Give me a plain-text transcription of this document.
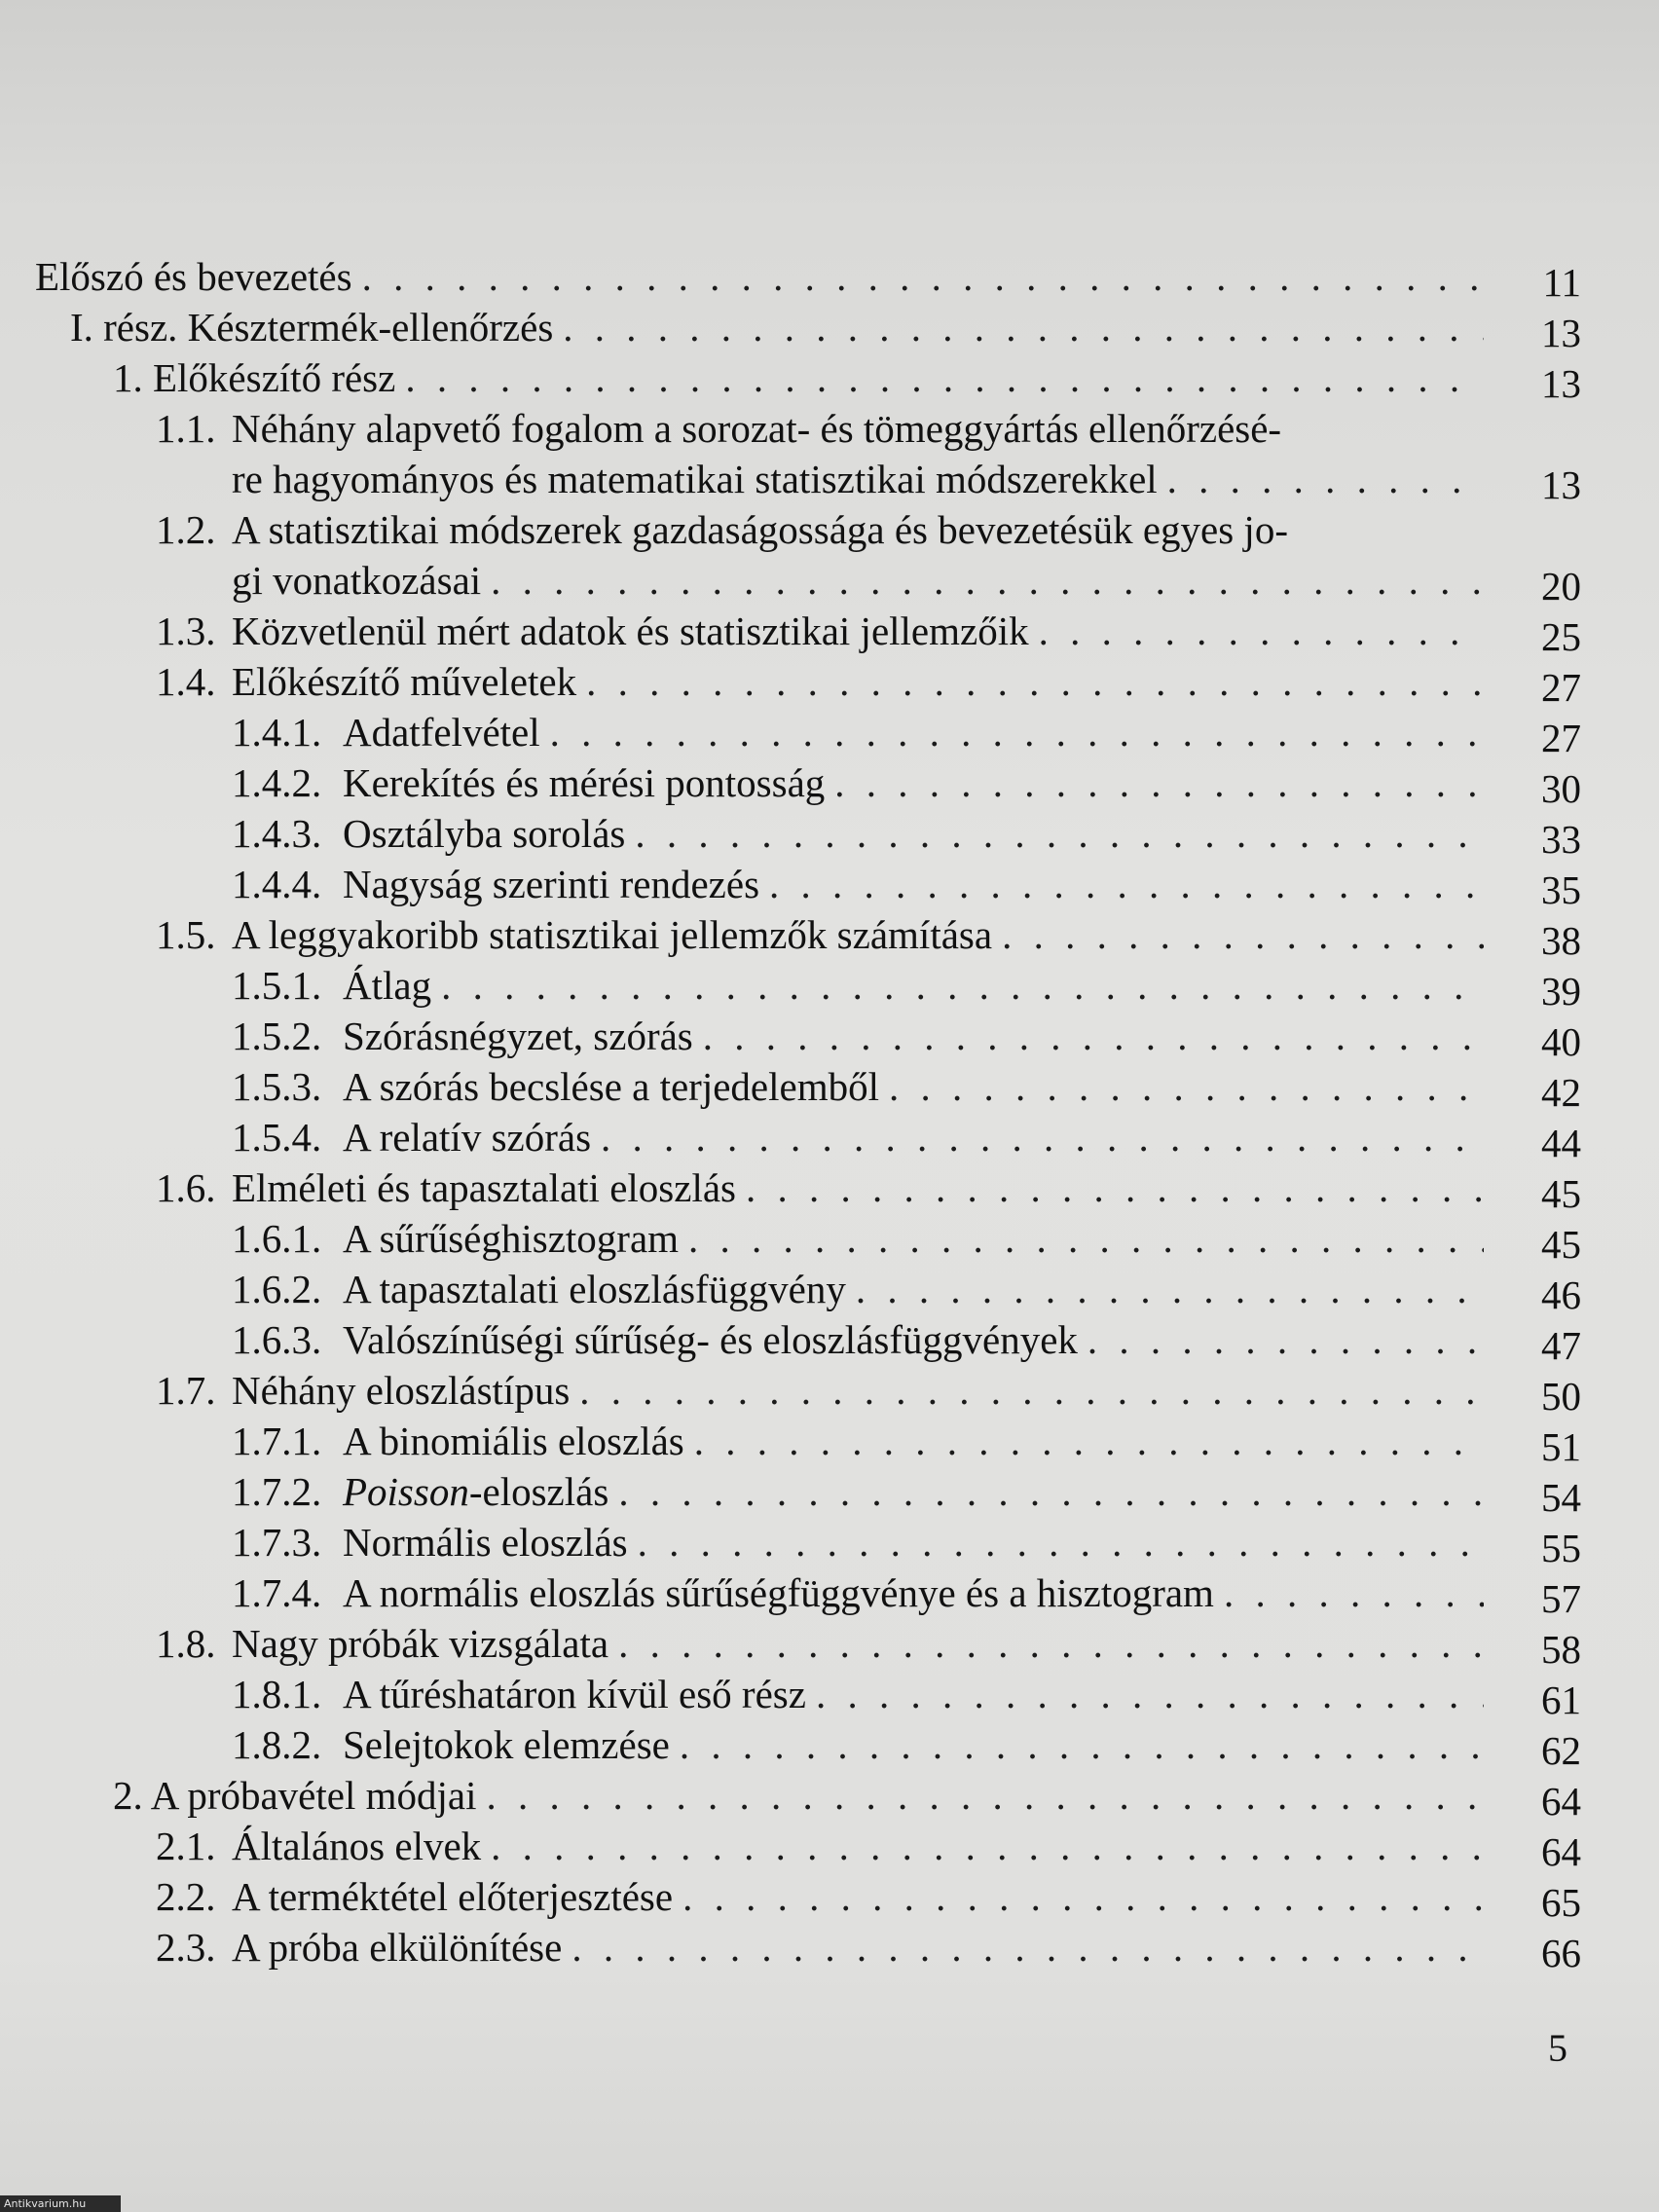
Előszó és bevezetés . . .	11
I. rész. Késztermék-ellenőrzés . . .	13
1. Előkészítő rész . . .	13
1.1. Néhány alapvető fogalom a sorozat- és tömeggyártás ellenőrzésé-
re hagyományos és matematikai statisztikai módszerekkel . . .	13
1.2. A statisztikai módszerek gazdaságossága és bevezetésük egyes jo-
gi vonatkozásai . . .	20
1.3. Közvetlenül mért adatok és statisztikai jellemzőik . . .	25
1.4. Előkészítő műveletek . . .	27
1.4.1. Adatfelvétel . . .	27
1.4.2. Kerekítés és mérési pontosság . . .	30
1.4.3. Osztályba sorolás . . .	33
1.4.4. Nagyság szerinti rendezés . . .	35
1.5. A leggyakoribb statisztikai jellemzők számítása . . .	38
1.5.1. Átlag . . .	39
1.5.2. Szórásnégyzet, szórás . . .	40
1.5.3. A szórás becslése a terjedelemből . . .	42
1.5.4. A relatív szórás . . .	44
1.6. Elméleti és tapasztalati eloszlás . . .	45
1.6.1. A sűrűséghisztogram . . .	45
1.6.2. A tapasztalati eloszlásfüggvény . . .	46
1.6.3. Valószínűségi sűrűség- és eloszlásfüggvények . . .	47
1.7. Néhány eloszlástípus . . .	50
1.7.1. A binomiális eloszlás . . .	51
1.7.2. Poisson-eloszlás . . .	54
1.7.3. Normális eloszlás . . .	55
1.7.4. A normális eloszlás sűrűségfüggvénye és a hisztogram . . .	57
1.8. Nagy próbák vizsgálata . . .	58
1.8.1. A tűréshatáron kívül eső rész . . .	61
1.8.2. Selejtokok elemzése . . .	62
2. A próbavétel módjai . . .	64
2.1. Általános elvek . . .	64
2.2. A terméktétel előterjesztése . . .	65
2.3. A próba elkülönítése . . .	66
5
Antikvarium.hu
